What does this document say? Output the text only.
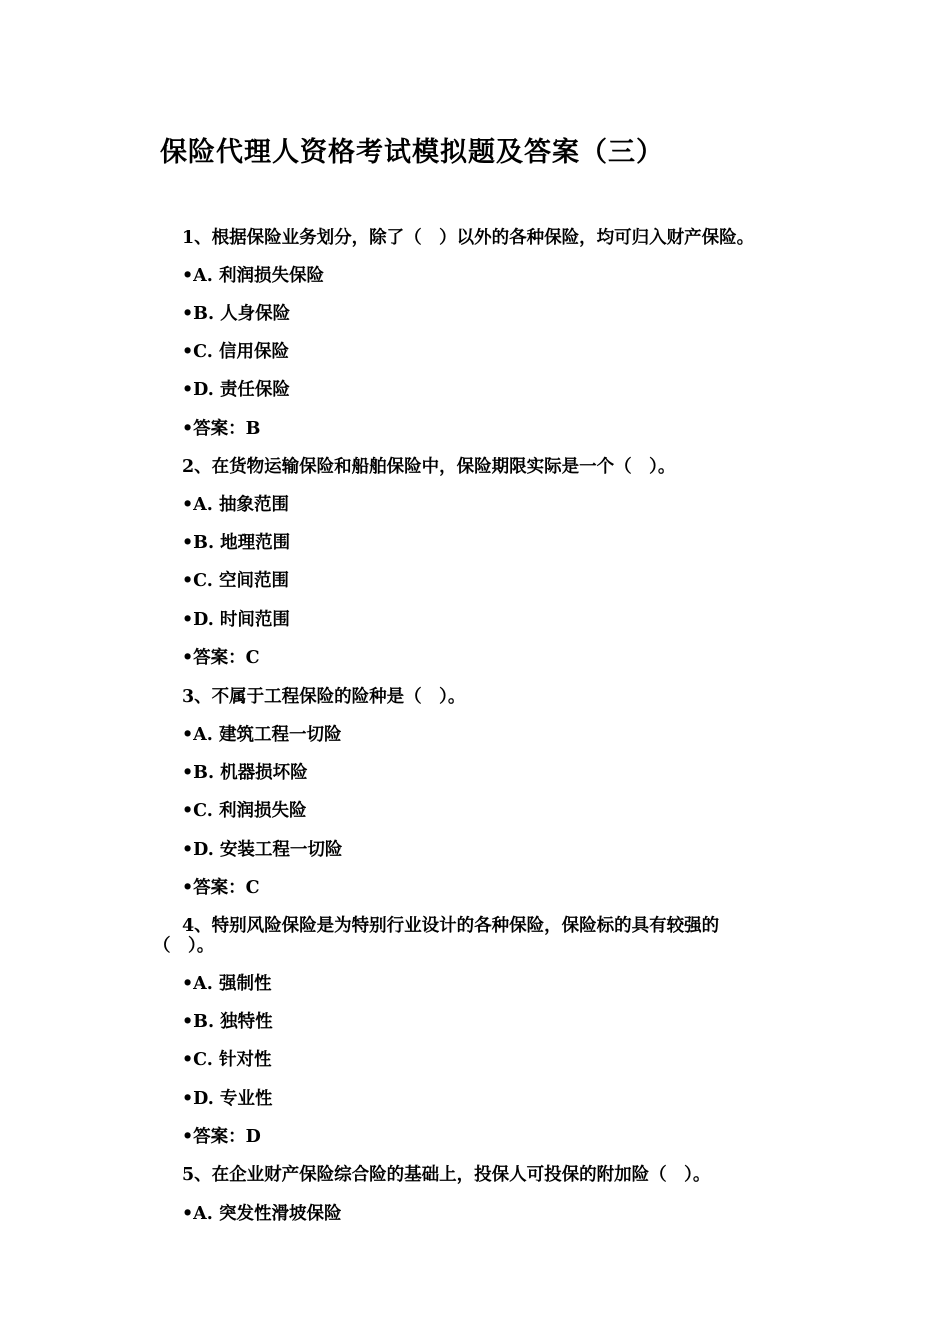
保险代理人资格考试模拟题及答案（三）
1、根据保险业务划分，除了（　）以外的各种保险，均可归入财产保险。
•A. 利润损失保险
•B. 人身保险
•C. 信用保险
•D. 责任保险
•答案：B
2、在货物运输保险和船舶保险中，保险期限实际是一个（　）。
•A. 抽象范围
•B. 地理范围
•C. 空间范围
•D. 时间范围
•答案：C
3、不属于工程保险的险种是（　）。
•A. 建筑工程一切险
•B. 机器损坏险
•C. 利润损失险
•D. 安装工程一切险
•答案：C
4、特别风险保险是为特别行业设计的各种保险，保险标的具有较强的
（　）。
•A. 强制性
•B. 独特性
•C. 针对性
•D. 专业性
•答案：D
5、在企业财产保险综合险的基础上，投保人可投保的附加险（　）。
•A. 突发性滑坡保险
